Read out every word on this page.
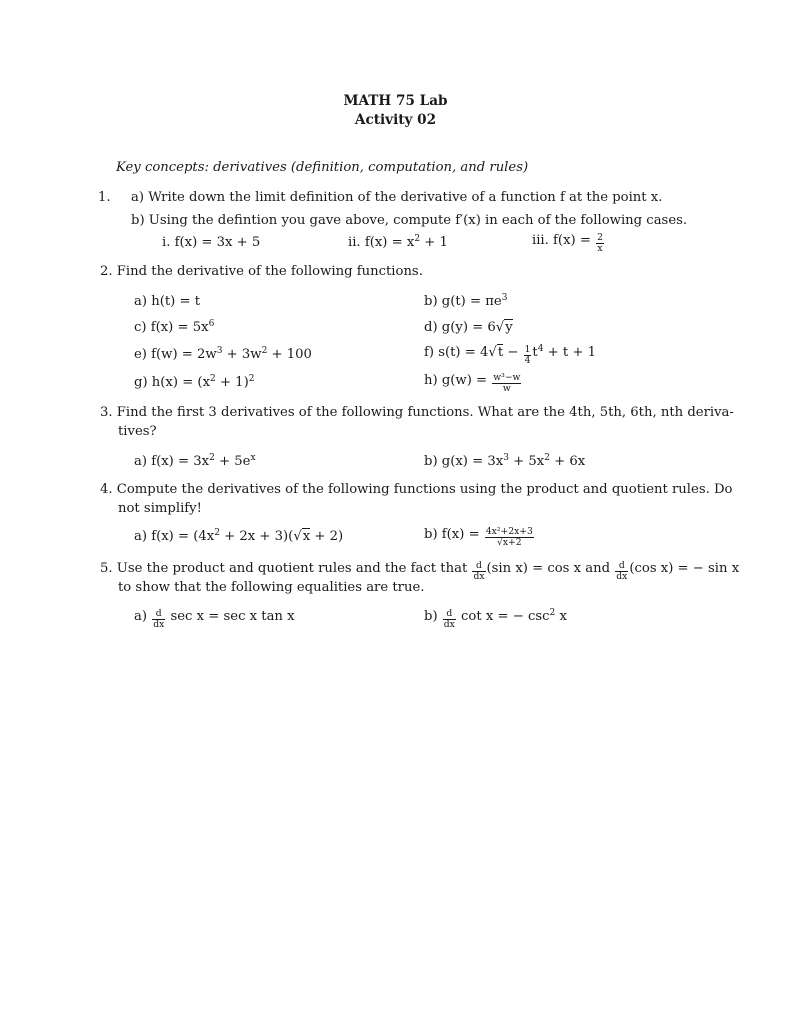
MATH 75 Lab
Activity 02
Key concepts: derivatives (definition, computation, and rules)
1. a) Write down the limit definition of the derivative of a function f at the point x.
b) Using the defintion you gave above, compute f′(x) in each of the following cases.
i. f(x) = 3x + 5	ii. $f(x) = x^2 + 1$	iii. $f(x) = \frac{2}{x}$
2. Find the derivative of the following functions.
a) h(t) = t	b) $g(t) = \pi e^3$
c) $f(x) = 5x^6$	d) g(y) = 6√y
e) $f(w) = 2w^3 + 3w^2 + 100$	f) $s(t) = 4√t - \frac{1}{4} t^4 + t + 1$
g) $h(x) = (x^2 + 1)^2$	h) $g(w) = \frac{\text{w³−w}}{w}$
3. Find the first 3 derivatives of the following functions. What are the 4th, 5th, 6th, nth deriva-
tives?
a) $f(x) = 3x^2 + 5e^x$	b) $g(x) = 3x^3 + 5x^2 + 6x$
4. Compute the derivatives of the following functions using the product and quotient rules. Do
not simplify!
a) $f(x) = (4x^2 + 2x + 3)(√x + 2)$	b) $f(x) = \frac{\text{4x²+2x+3}}{√x+2}$
5. Use the product and quotient rules and the fact that $\frac{d}{dx} (\sin$ x) = cos x and $\frac{d}{dx} (\cos$ x) = − sin x
to show that the following equalities are true.
$a) \frac{d}{dx}$ sec x = sec x tan x	$b) \frac{d}{dx}$ cot x = − $\csc^2 x$
